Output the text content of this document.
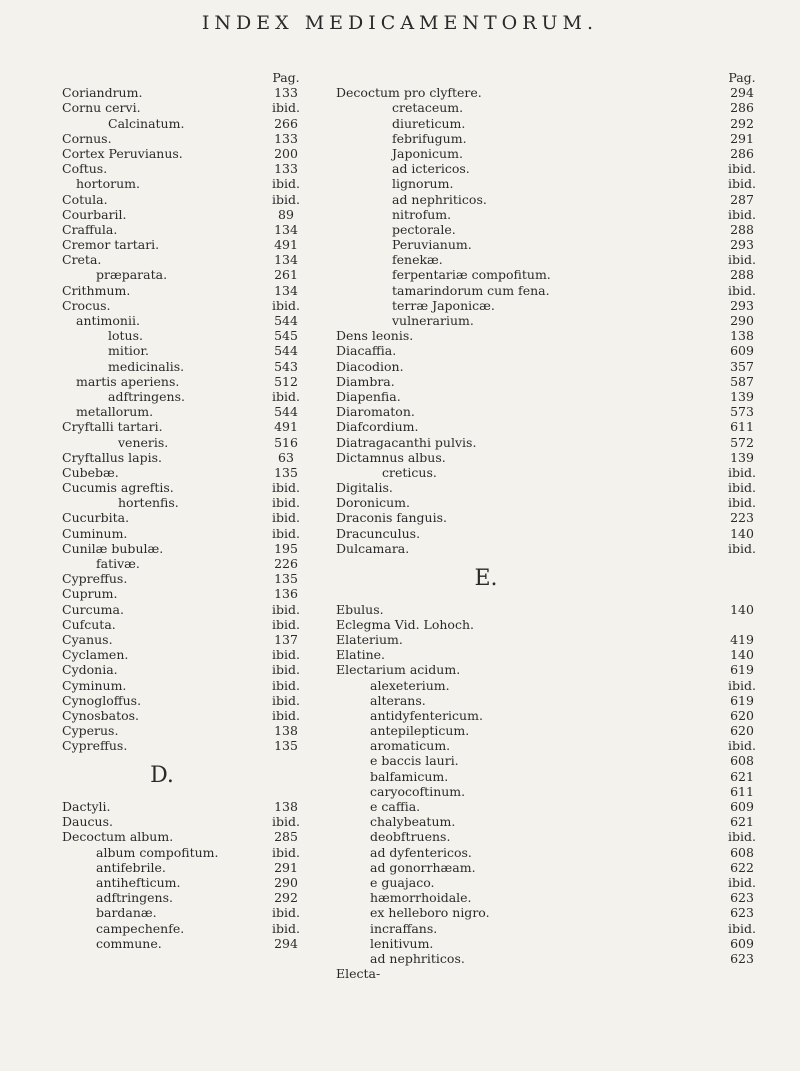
INDEX MEDICAMENTORUM.
Coriandrum.
Cornu cervi.
Calcinatum.
Cornus.
Cortex Peruvianus.
Coftus.
hortorum.
Cotula.
Courbaril.
Craffula.
Cremor tartari.
Creta.
præparata.
Crithmum.
Crocus.
antimonii.
lotus.
mitior.
medicinalis.
martis aperiens.
adftringens.
metallorum.
Cryftalli tartari.
veneris.
Cryftallus lapis.
Cubebæ.
Cucumis agreftis.
hortenfis.
Cucurbita.
Cuminum.
Cunilæ bubulæ.
fativæ.
Cypreffus.
Cuprum.
Curcuma.
Cufcuta.
Cyanus.
Cyclamen.
Cydonia.
Cyminum.
Cynogloffus.
Cynosbatos.
Cyperus.
Cypreffus.
D.
Dactyli.
Daucus.
Decoctum album.
album compofitum.
antifebrile.
antihefticum.
adftringens.
bardanæ.
campechenfe.
commune.
Pag.
133
ibid.
266
133
200
133
ibid.
ibid.
89
134
491
134
261
134
ibid.
544
545
544
543
512
ibid.
544
491
516
63
135
ibid.
ibid.
ibid.
ibid.
195
226
135
136
ibid.
ibid.
137
ibid.
ibid.
ibid.
ibid.
ibid.
138
135
138
ibid.
285
ibid.
291
290
292
ibid.
ibid.
294
Decoctum pro clyftere.
cretaceum.
diureticum.
febrifugum.
Japonicum.
ad ictericos.
lignorum.
ad nephriticos.
nitrofum.
pectorale.
Peruvianum.
fenekæ.
ferpentariæ compofitum.
tamarindorum cum fena.
terræ Japonicæ.
vulnerarium.
Dens leonis.
Diacaffia.
Diacodion.
Diambra.
Diapenfia.
Diaromaton.
Diafcordium.
Diatragacanthi pulvis.
Dictamnus albus.
creticus.
Digitalis.
Doronicum.
Draconis fanguis.
Dracunculus.
Dulcamara.
E.
Ebulus.
Eclegma Vid. Lohoch.
Elaterium.
Elatine.
Electarium acidum.
alexeterium.
alterans.
antidyfentericum.
antepilepticum.
aromaticum.
e baccis lauri.
balfamicum.
caryocoftinum.
e caffia.
chalybeatum.
deobftruens.
ad dyfentericos.
ad gonorrhæam.
e guajaco.
hæmorrhoidale.
ex helleboro nigro.
incraffans.
lenitivum.
ad nephriticos.
Electa-
Pag.
294
286
292
291
286
ibid.
ibid.
287
ibid.
288
293
ibid.
288
ibid.
293
290
138
609
357
587
139
573
611
572
139
ibid.
ibid.
ibid.
223
140
ibid.
140
419
140
619
ibid.
619
620
620
ibid.
608
621
611
609
621
ibid.
608
622
ibid.
623
623
ibid.
609
623
